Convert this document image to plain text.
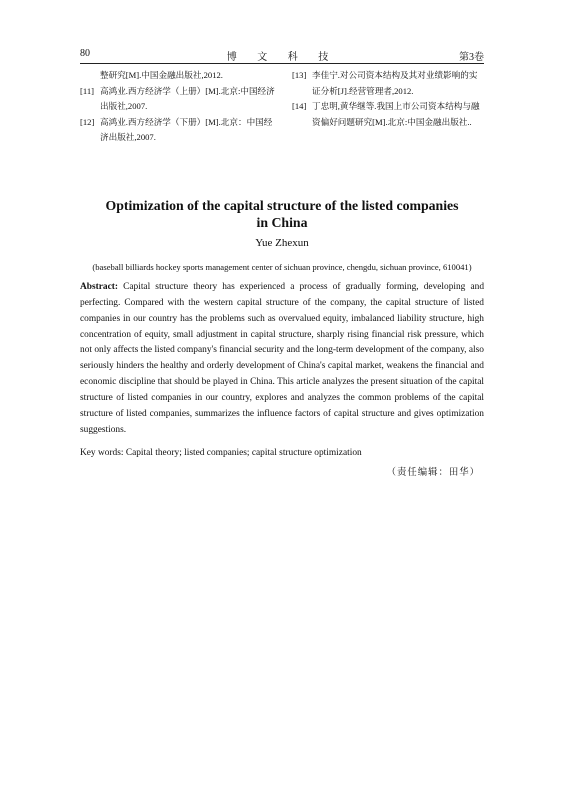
80	博 文 科 技	第3卷
整研究[M].中国金融出版社,2012.
[11] 高鸿业.西方经济学（上册）[M].北京:中国经济出版社,2007.
[12] 高鸿业.西方经济学（下册）[M].北京：中国经济出版社,2007.
[13] 李佳宁.对公司资本结构及其对业绩影响的实证分析[J].经营管理者,2012.
[14] 丁忠明,黄华继等.我国上市公司资本结构与融资偏好问题研究[M].北京:中国金融出版社..
Optimization of the capital structure of the listed companies in China
Yue Zhexun
(baseball billiards hockey sports management center of sichuan province, chengdu, sichuan province, 610041)
Abstract: Capital structure theory has experienced a process of gradually forming, developing and perfecting. Compared with the western capital structure of the company, the capital structure of listed companies in our country has the problems such as overvalued equity, imbalanced liability structure, high concentration of equity, small adjustment in capital structure, sharply rising financial risk pressure, which not only affects the listed company's financial security and the long-term development of the company, also seriously hinders the healthy and orderly development of China's capital market, weakens the financial and economic discipline that should be played in China. This article analyzes the present situation of the capital structure of listed companies in our country, explores and analyzes the common problems of the capital structure of listed companies, summarizes the influence factors of capital structure and gives optimization suggestions.
Key words: Capital theory; listed companies; capital structure optimization
（责任编辑：田华）
